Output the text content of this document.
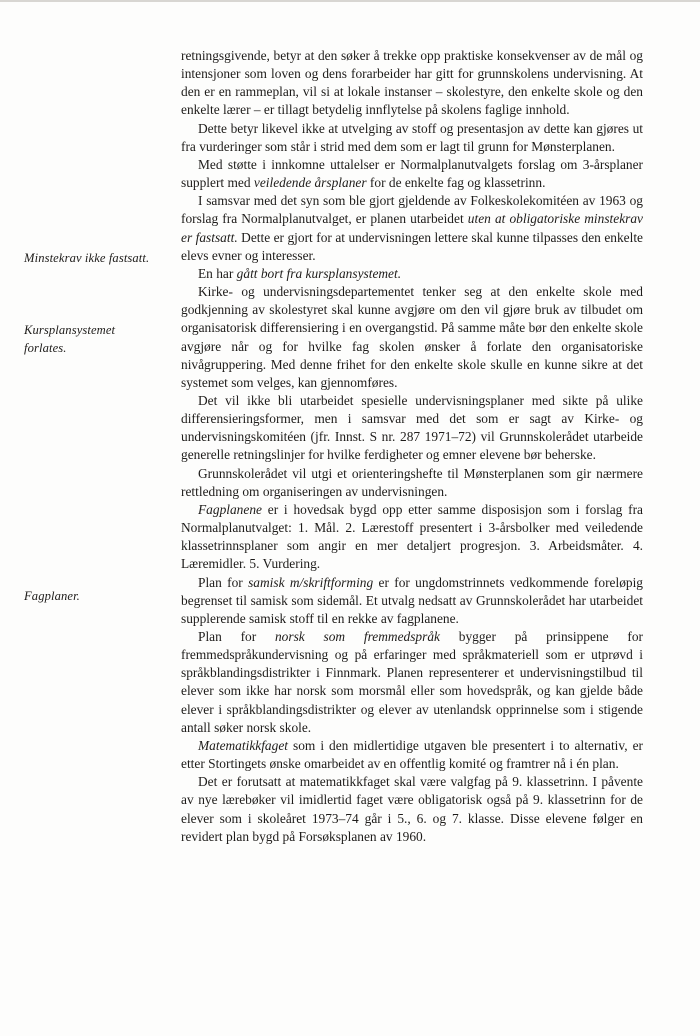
Minstekrav ikke fastsatt.
Kursplansystemet
forlates.
Fagplaner.

retningsgivende, betyr at den søker å trekke opp praktiske konsekvenser av de mål og intensjoner som loven og dens forarbeider har gitt for grunnskolens undervisning. At den er en rammeplan, vil si at lokale instanser – skolestyre, den enkelte skole og den enkelte lærer – er tillagt betydelig innflytelse på skolens faglige innhold.

Dette betyr likevel ikke at utvelging av stoff og presentasjon av dette kan gjøres ut fra vurderinger som står i strid med dem som er lagt til grunn for Mønsterplanen.

Med støtte i innkomne uttalelser er Normalplanutvalgets forslag om 3-årsplaner supplert med veiledende årsplaner for de enkelte fag og klassetrinn.

I samsvar med det syn som ble gjort gjeldende av Folkeskolekomitéen av 1963 og forslag fra Normalplanutvalget, er planen utarbeidet uten at obligatoriske minstekrav er fastsatt. Dette er gjort for at undervisningen lettere skal kunne tilpasses den enkelte elevs evner og interesser.

En har gått bort fra kursplansystemet.

Kirke- og undervisningsdepartementet tenker seg at den enkelte skole med godkjenning av skolestyret skal kunne avgjøre om den vil gjøre bruk av tilbudet om organisatorisk differensiering i en overgangstid. På samme måte bør den enkelte skole avgjøre når og for hvilke fag skolen ønsker å forlate den organisatoriske nivågruppering. Med denne frihet for den enkelte skole skulle en kunne sikre at det systemet som velges, kan gjennomføres.

Det vil ikke bli utarbeidet spesielle undervisningsplaner med sikte på ulike differensieringsformer, men i samsvar med det som er sagt av Kirke- og undervisningskomitéen (jfr. Innst. S nr. 287 1971–72) vil Grunnskolerådet utarbeide generelle retningslinjer for hvilke ferdigheter og emner elevene bør beherske.

Grunnskolerådet vil utgi et orienteringshefte til Mønsterplanen som gir nærmere rettledning om organiseringen av undervisningen.

Fagplanene er i hovedsak bygd opp etter samme disposisjon som i forslag fra Normalplanutvalget: 1. Mål. 2. Lærestoff presentert i 3-årsbolker med veiledende klassetrinnsplaner som angir en mer detaljert progresjon. 3. Arbeidsmåter. 4. Læremidler. 5. Vurdering.

Plan for samisk m/skriftforming er for ungdomstrinnets vedkommende foreløpig begrenset til samisk som sidemål. Et utvalg nedsatt av Grunnskolerådet har utarbeidet supplerende samisk stoff til en rekke av fagplanene.

Plan for norsk som fremmedspråk bygger på prinsippene for fremmedspråkundervisning og på erfaringer med språkmateriell som er utprøvd i språkblandingsdistrikter i Finnmark. Planen representerer et undervisningstilbud til elever som ikke har norsk som morsmål eller som hovedspråk, og kan gjelde både elever i språkblandingsdistrikter og elever av utenlandsk opprinnelse som i stigende antall søker norsk skole.

Matematikkfaget som i den midlertidige utgaven ble presentert i to alternativ, er etter Stortingets ønske omarbeidet av en offentlig komité og framtrer nå i én plan.

Det er forutsatt at matematikkfaget skal være valgfag på 9. klassetrinn. I påvente av nye lærebøker vil imidlertid faget være obligatorisk også på 9. klassetrinn for de elever som i skoleåret 1973–74 går i 5., 6. og 7. klasse. Disse elevene følger en revidert plan bygd på Forsøksplanen av 1960.
